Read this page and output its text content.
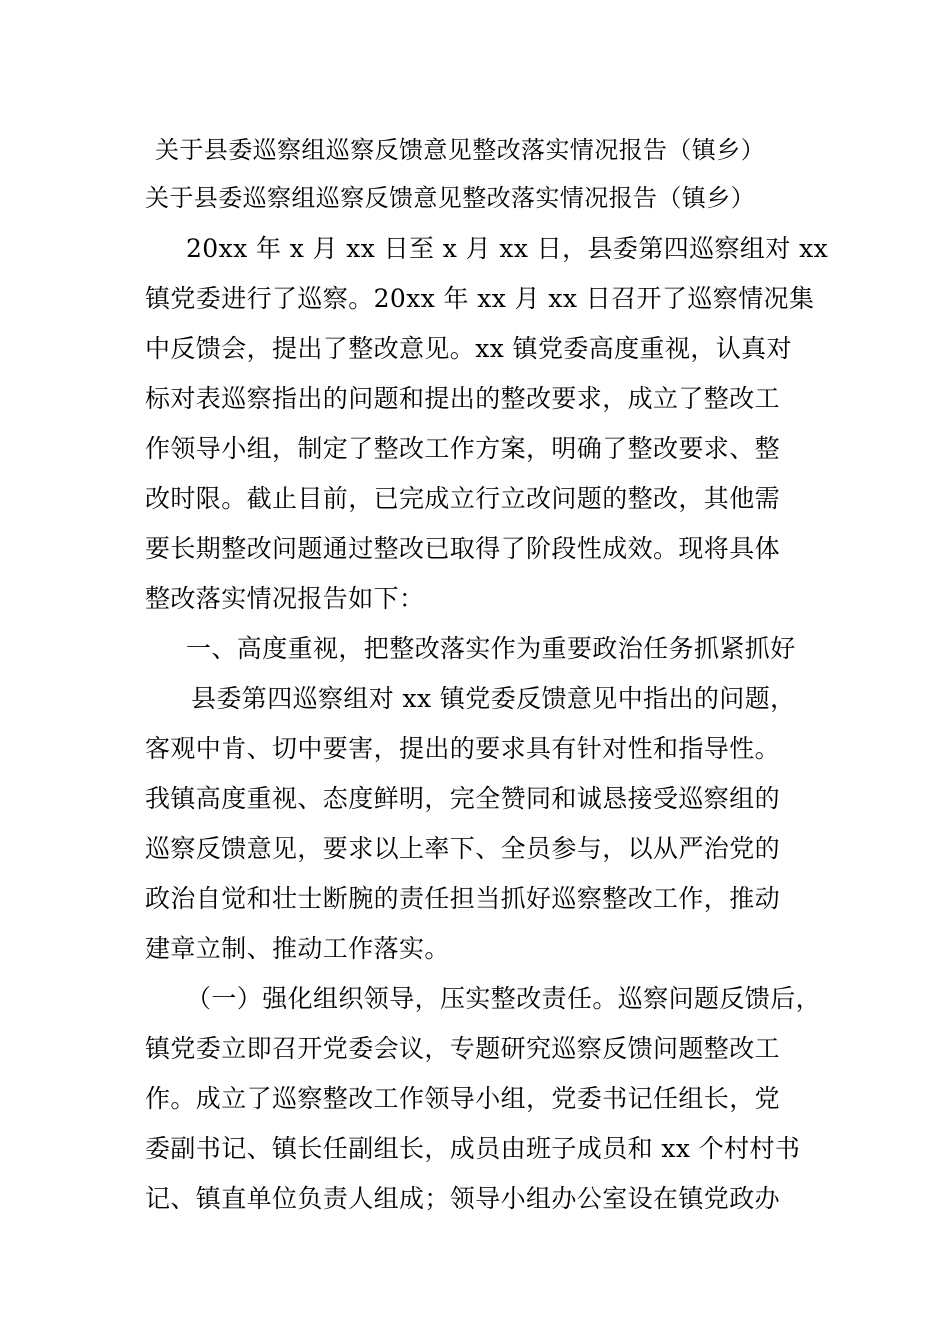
关于县委巡察组巡察反馈意见整改落实情况报告（镇乡）
关于县委巡察组巡察反馈意见整改落实情况报告（镇乡）
20xx 年 x 月 xx 日至 x 月 xx 日，县委第四巡察组对 xx
镇党委进行了巡察。20xx 年 xx 月 xx 日召开了巡察情况集
中反馈会，提出了整改意见。xx 镇党委高度重视，认真对
标对表巡察指出的问题和提出的整改要求，成立了整改工
作领导小组，制定了整改工作方案，明确了整改要求、整
改时限。截止目前，已完成立行立改问题的整改，其他需
要长期整改问题通过整改已取得了阶段性成效。现将具体
整改落实情况报告如下：
一、高度重视，把整改落实作为重要政治任务抓紧抓好
县委第四巡察组对 xx 镇党委反馈意见中指出的问题，
客观中肯、切中要害，提出的要求具有针对性和指导性。
我镇高度重视、态度鲜明，完全赞同和诚恳接受巡察组的
巡察反馈意见，要求以上率下、全员参与，以从严治党的
政治自觉和壮士断腕的责任担当抓好巡察整改工作，推动
建章立制、推动工作落实。
（一）强化组织领导，压实整改责任。巡察问题反馈后，
镇党委立即召开党委会议，专题研究巡察反馈问题整改工
作。成立了巡察整改工作领导小组，党委书记任组长，党
委副书记、镇长任副组长，成员由班子成员和 xx 个村村书
记、镇直单位负责人组成；领导小组办公室设在镇党政办
